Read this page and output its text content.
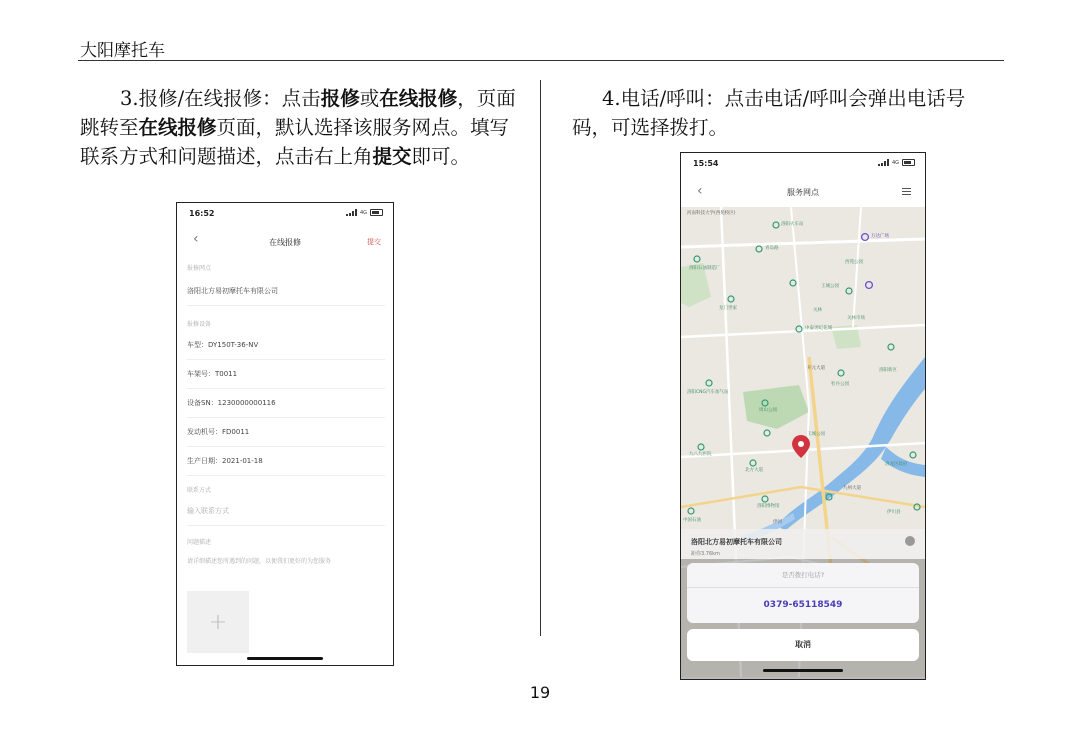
大阳摩托车

3.报修/在线报修：点击报修或在线报修，页面跳转至在线报修页面，默认选择该服务网点。填写联系方式和问题描述，点击右上角提交即可。

4.电话/呼叫：点击电话/呼叫会弹出电话号码，可选择拨打。

16:52	4G
‹	在线报修	提交
报修网点
洛阳北方易初摩托车有限公司
报修设备
车型：DY150T-36-NV
车架号：T0011
设备SN：1230000000116
发动机号：FD0011
生产日期：2021-01-18
联系方式
输入联系方式
问题描述
请详细描述您所遇到的问题，以便我们更好的为您服务
+
15:54	4G
‹	服务网点
河南科技大学(西苑校区)
洛阳火车站
万达广场
青岛路
西苑公园
洛阳石油制造厂
王城公园
龙门世家	关林
中泰世纪花城
关林市场
洛阳CNG汽车加气站
周山公园
牡丹公园
开元大道	洛阳新区
九州大道
九八九医院
伊河
北方大道
洛阳博物馆
中国石油
王城公园
洛龙区政府
伊川县
洛阳北方易初摩托车有限公司
距你3.76km
是否拨打电话?
0379-65118549
取消
19
